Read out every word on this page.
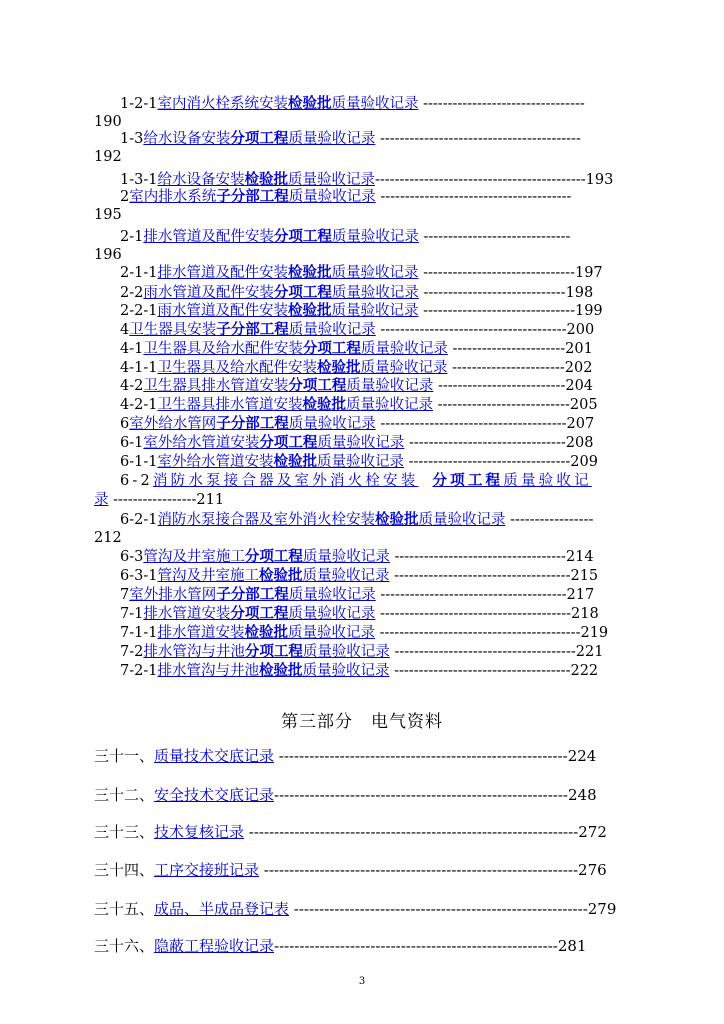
1-2-1室内消火栓系统安装检验批质量验收记录 ---------------------------------
190
1-3给水设备安装分项工程质量验收记录 -----------------------------------------
192
1-3-1给水设备安装检验批质量验收记录-------------------------------------------193
2室内排水系统子分部工程质量验收记录 ---------------------------------------
195
2-1排水管道及配件安装分项工程质量验收记录 ------------------------------
196
2-1-1排水管道及配件安装检验批质量验收记录 -------------------------------197
2-2雨水管道及配件安装分项工程质量验收记录 -----------------------------198
2-2-1雨水管道及配件安装检验批质量验收记录 -------------------------------199
4卫生器具安装子分部工程质量验收记录 --------------------------------------200
4-1卫生器具及给水配件安装分项工程质量验收记录 -----------------------201
4-1-1卫生器具及给水配件安装检验批质量验收记录 -----------------------202
4-2卫生器具排水管道安装分项工程质量验收记录 --------------------------204
4-2-1卫生器具排水管道安装检验批质量验收记录 ---------------------------205
6室外给水管网子分部工程质量验收记录 --------------------------------------207
6-1室外给水管道安装分项工程质量验收记录 --------------------------------208
6-1-1室外给水管道安装检验批质量验收记录 ---------------------------------209
6-2消防水泵接合器及室外消火栓安装 分项工程质量验收记
录 -----------------211
6-2-1消防水泵接合器及室外消火栓安装检验批质量验收记录 -----------------
212
6-3管沟及井室施工分项工程质量验收记录 -----------------------------------214
6-3-1管沟及井室施工检验批质量验收记录 ------------------------------------215
7室外排水管网子分部工程质量验收记录 --------------------------------------217
7-1排水管道安装分项工程质量验收记录 ---------------------------------------218
7-1-1排水管道安装检验批质量验收记录 -----------------------------------------219
7-2排水管沟与井池分项工程质量验收记录 -------------------------------------221
7-2-1排水管沟与井池检验批质量验收记录 ------------------------------------222
第三部分　电气资料
三十一、质量技术交底记录 ---------------------------------------------------------224
三十二、安全技术交底记录----------------------------------------------------------248
三十三、技术复核记录 -----------------------------------------------------------------272
三十四、工序交接班记录 --------------------------------------------------------------276
三十五、成品、半成品登记表 ----------------------------------------------------------279
三十六、隐蔽工程验收记录--------------------------------------------------------281
3
